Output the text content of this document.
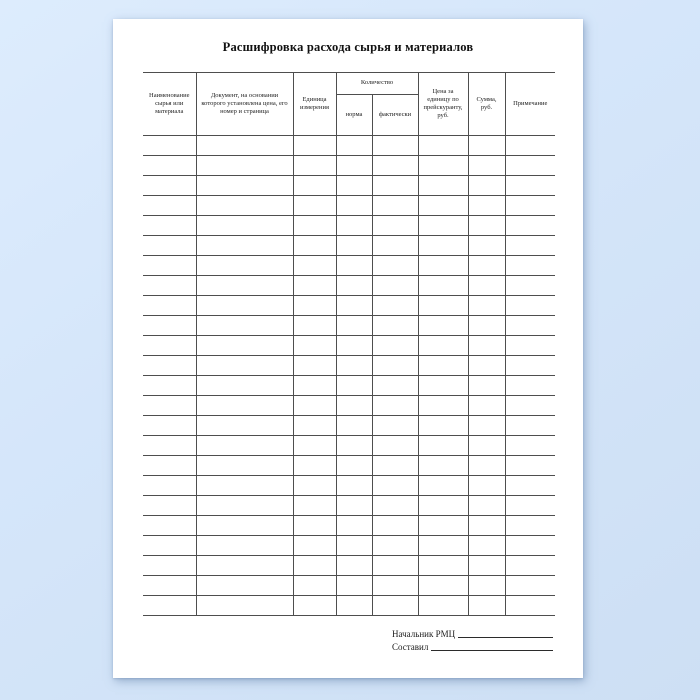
Расшифровка расхода сырья и материалов
Наименование сырья или материала	Документ, на основании которого установлена цена, его номер и страница	Единица измерения	Количество		Цена за единицу по прейскуранту, руб.	Сумма, руб.	Примечание
			норма	фактически			

Начальник РМЦ
Составил
